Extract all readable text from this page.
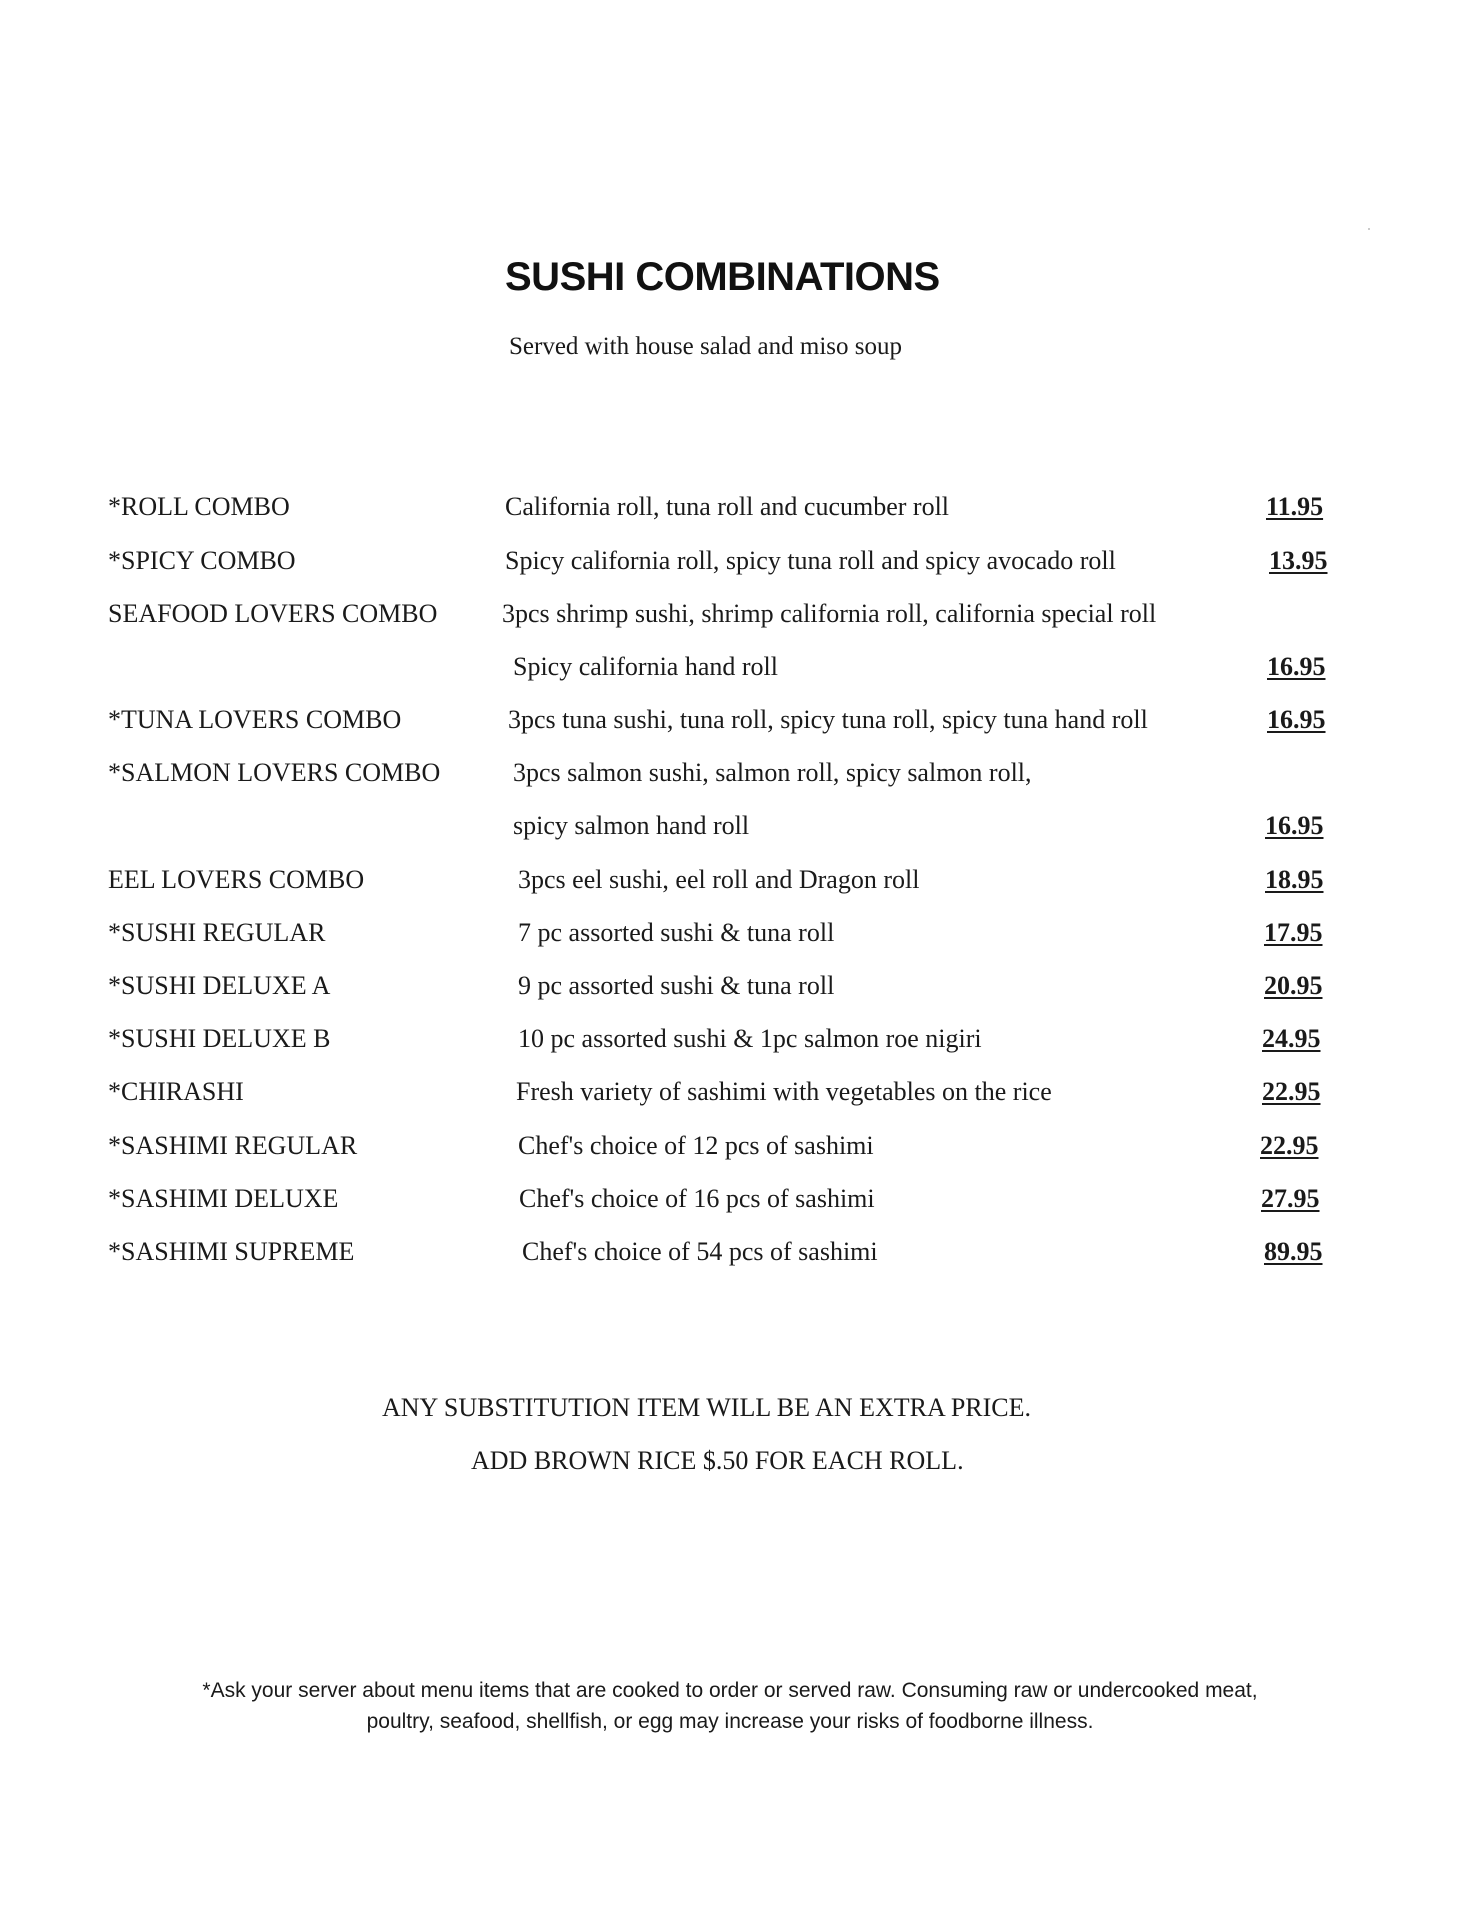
SUSHI COMBINATIONS
Served with house salad and miso soup
*ROLL COMBO	California roll, tuna roll and cucumber roll	11.95
*SPICY COMBO	Spicy california roll, spicy tuna roll and spicy avocado roll	13.95
SEAFOOD LOVERS COMBO 3pcs shrimp sushi, shrimp california roll, california special roll
Spicy california hand roll	16.95
*TUNA LOVERS COMBO	3pcs tuna sushi, tuna roll, spicy tuna roll, spicy tuna hand roll	16.95
*SALMON LOVERS COMBO	3pcs salmon sushi, salmon roll, spicy salmon roll,
spicy salmon hand roll	16.95
EEL LOVERS COMBO	3pcs eel sushi, eel roll and Dragon roll	18.95
*SUSHI REGULAR	7 pc assorted sushi & tuna roll	17.95
*SUSHI DELUXE A	9 pc assorted sushi & tuna roll	20.95
*SUSHI DELUXE B	10 pc assorted sushi & 1pc salmon roe nigiri	24.95
*CHIRASHI	Fresh variety of sashimi with vegetables on the rice	22.95
*SASHIMI REGULAR	Chef's choice of 12 pcs of sashimi	22.95
*SASHIMI DELUXE	Chef's choice of 16 pcs of sashimi	27.95
*SASHIMI SUPREME	Chef's choice of 54 pcs of sashimi	89.95
ANY SUBSTITUTION ITEM WILL BE AN EXTRA PRICE.
ADD BROWN RICE $.50 FOR EACH ROLL.
*Ask your server about menu items that are cooked to order or served raw. Consuming raw or undercooked meat,
poultry, seafood, shellfish, or egg may increase your risks of foodborne illness.
